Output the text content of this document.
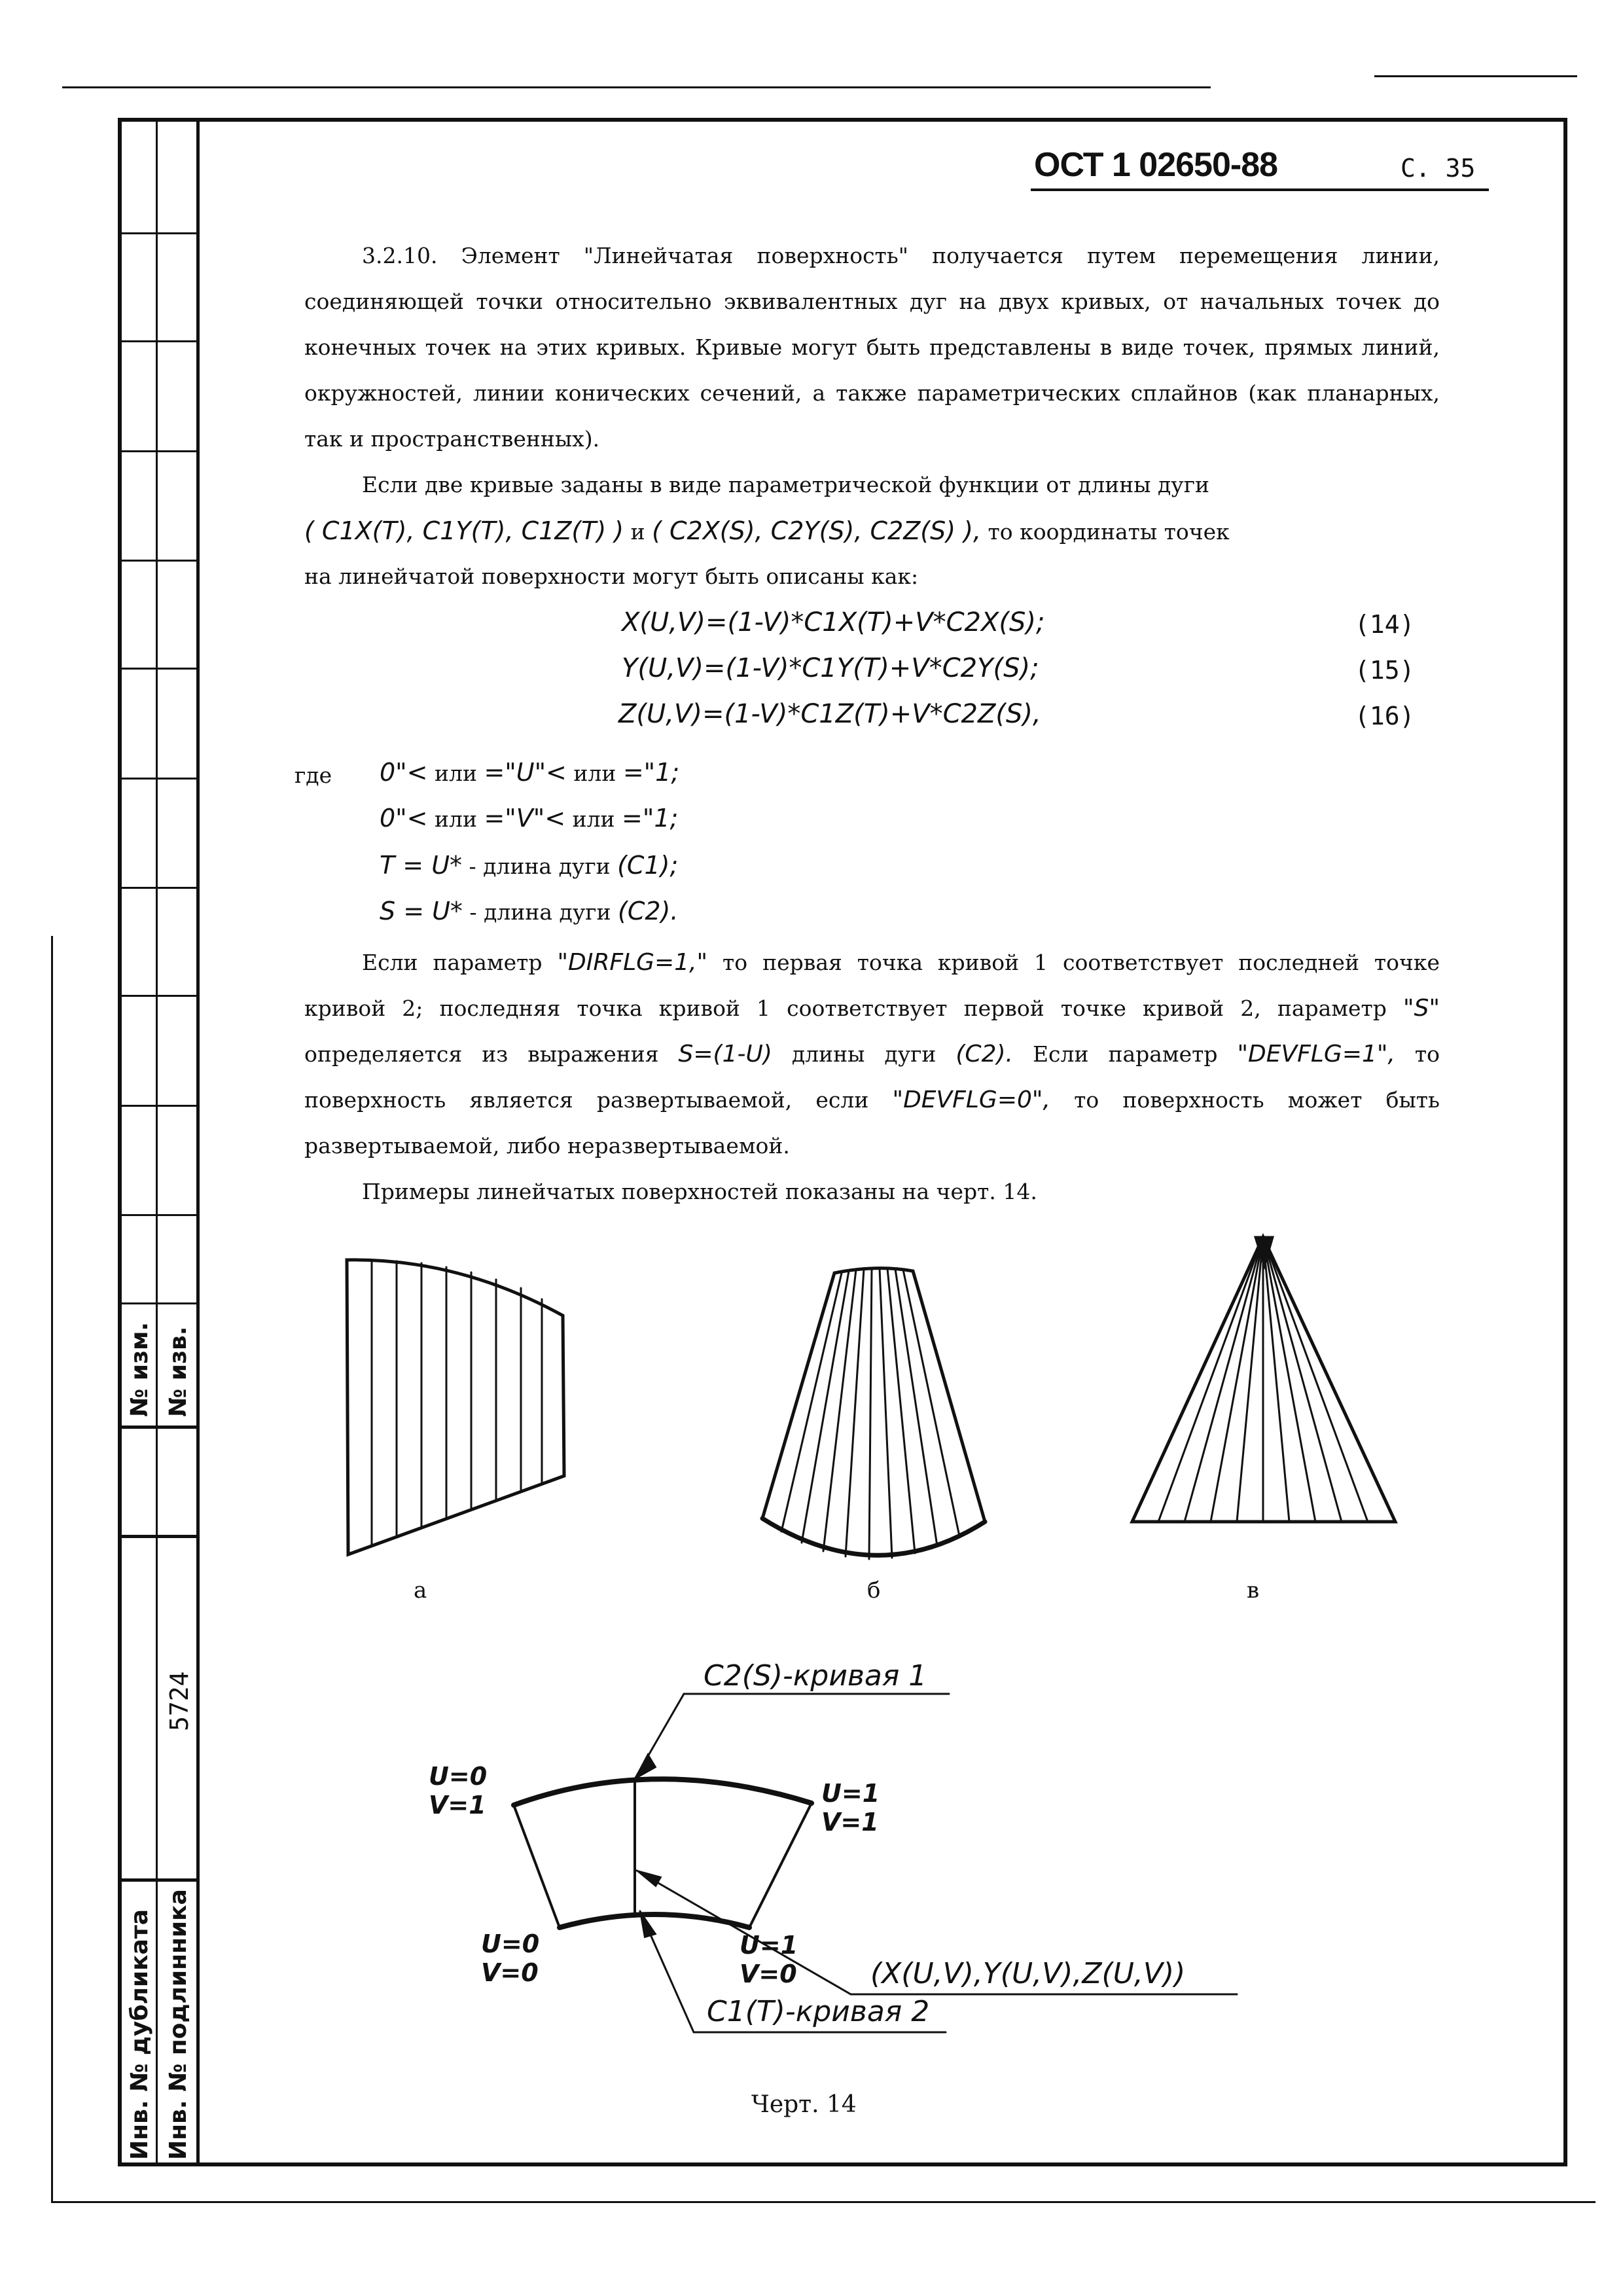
№ изм. № изв.
Инв. № дубликата Инв. № подлинника
5724
ОСТ 1 02650-88	С. 35
3.2.10. Элемент "Линейчатая поверхность" получается путем перемещения линии, соединяющей точки относительно эквивалентных дуг на двух кривых, от начальных точек до конечных точек на этих кривых. Кривые могут быть представлены в виде точек, прямых линий, окружностей, линии конических сечений, а также параметрических сплайнов (как планарных, так и пространственных).
Если две кривые заданы в виде параметрической функции от длины дуги
( C1X(T), C1Y(T), C1Z(T) ) и ( C2X(S), C2Y(S), C2Z(S) ), то координаты точек
на линейчатой поверхности могут быть описаны как:
X(U,V)=(1-V)*C1X(T)+V*C2X(S);	(14)
Y(U,V)=(1-V)*C1Y(T)+V*C2Y(S);	(15)
Z(U,V)=(1-V)*C1Z(T)+V*C2Z(S),	(16)
где 0"< или ="U"< или ="1;
0"< или ="V"< или ="1;
T = U* - длина дуги (C1);
S = U* - длина дуги (C2).
Если параметр "DIRFLG=1," то первая точка кривой 1 соответствует последней точке кривой 2; последняя точка кривой 1 соответствует первой точке кривой 2, параметр "S" определяется из выражения S=(1-U) длины дуги (C2). Если параметр "DEVFLG=1", то поверхность является развертываемой, если "DEVFLG=0", то поверхность может быть развертываемой, либо неразвертываемой.
Примеры линейчатых поверхностей показаны на черт. 14.
а	б	в
C2(S)-кривая 1
C1(T)-кривая 2
(X(U,V),Y(U,V),Z(U,V))
U=0
V=1	U=1
V=1
U=0
V=0
U=1
V=0
Черт. 14
